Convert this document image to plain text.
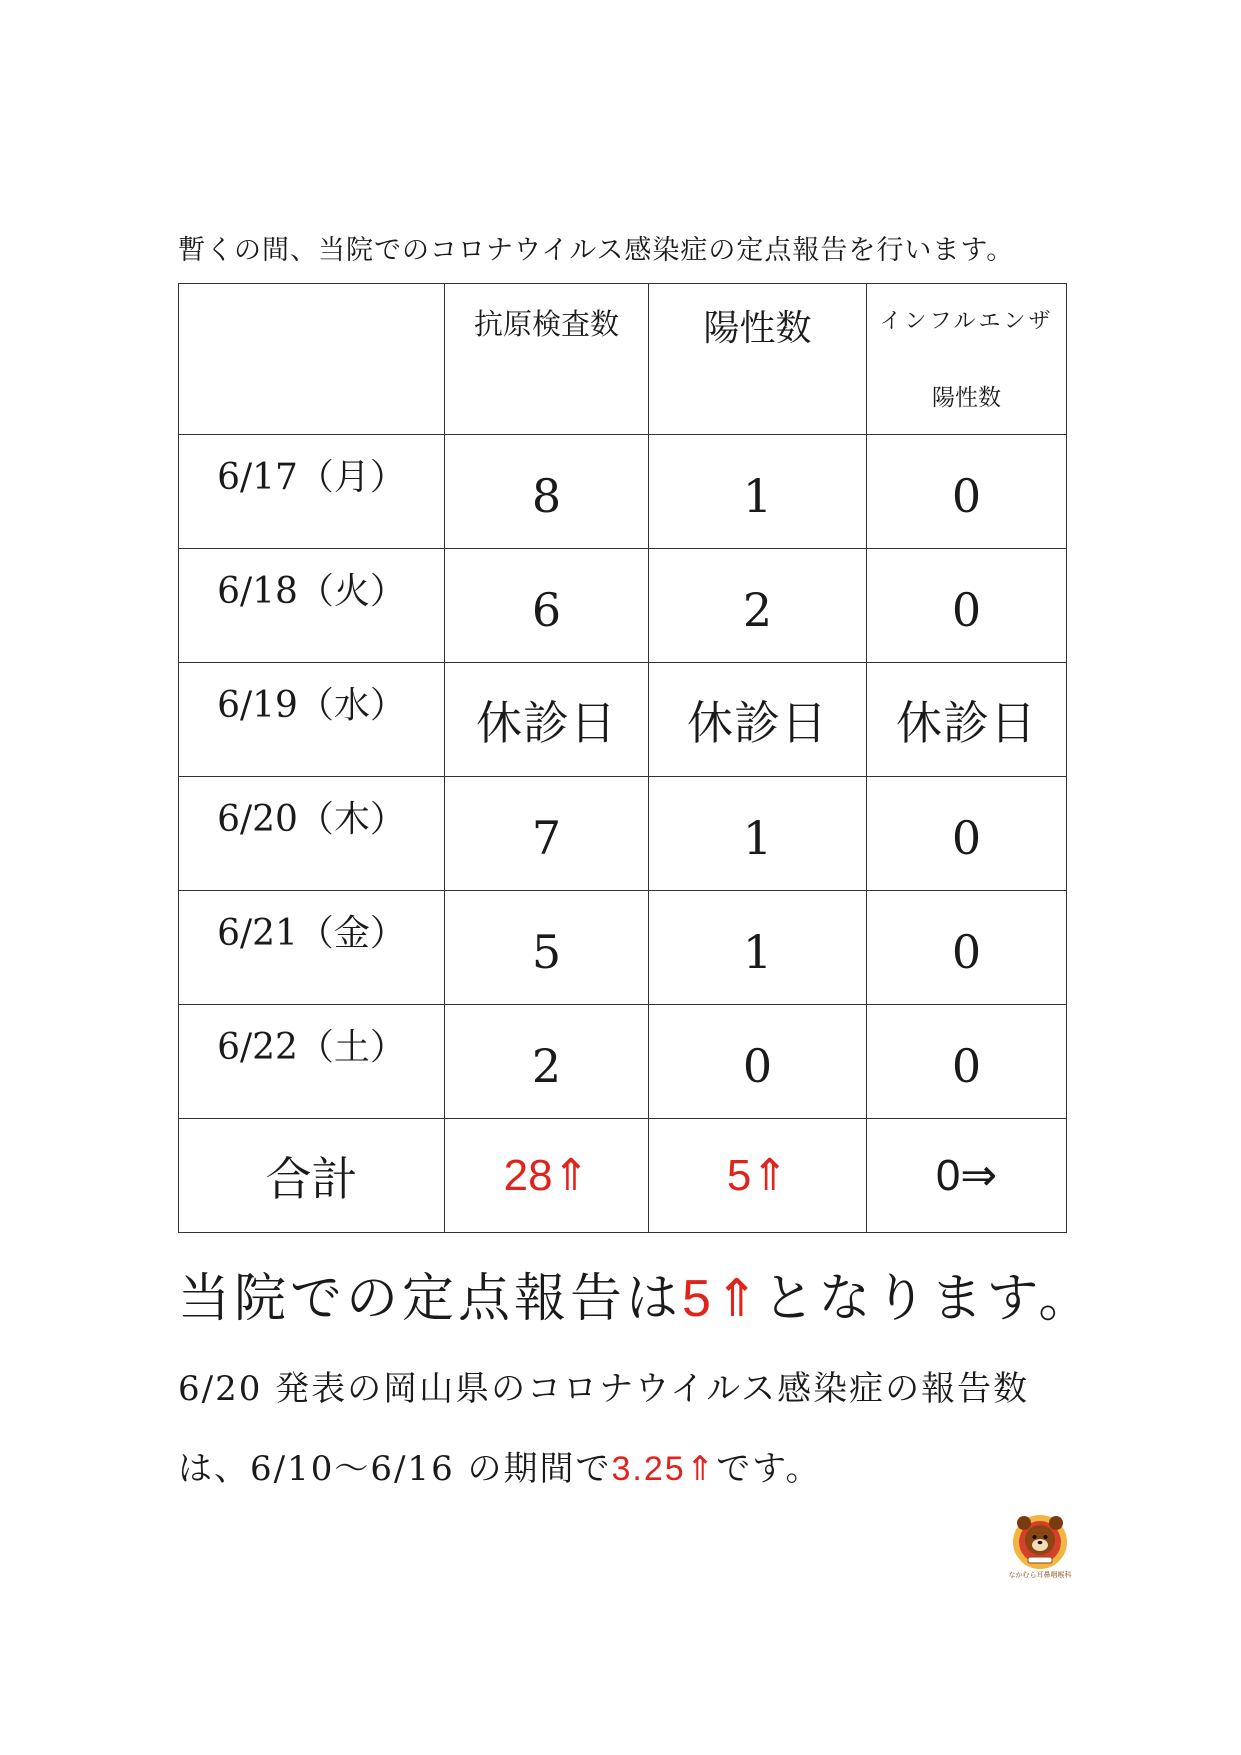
暫くの間、当院でのコロナウイルス感染症の定点報告を行います。

	抗原検査数	陽性数	インフルエンザ
陽性数

6/17（月）	8	1	0

6/18（火）	6	2	0

6/19（水）	休診日	休診日	休診日

6/20（木）	7	1	0

6/21（金）	5	1	0

6/22（土）	2	0	0
合計	28⇑	5⇑	0⇒
当院での定点報告は5⇑となります。
6/20 発表の岡山県のコロナウイルス感染症の報告数
は、6/10～6/16 の期間で3.25⇑です。
なかむら耳鼻咽喉科
